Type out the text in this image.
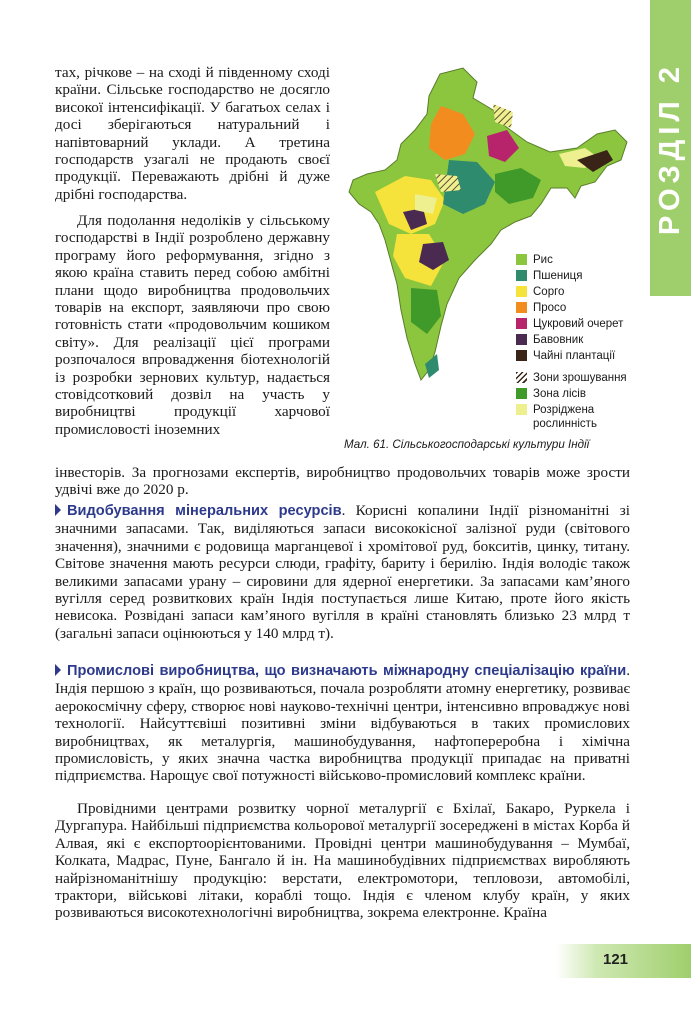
РОЗДІЛ 2
тах, річкове – на сході й південному сході країни. Сільське господарство не досягло високої інтенсифікації. У багатьох селах і досі зберігаються натуральний і напівтоварний уклади. А третина господарств узагалі не продають своєї продукції. Переважають дрібні й дуже дрібні господарства.
Для подолання недоліків у сільському господарстві в Індії розроблено державну програму його реформування, згідно з якою країна ставить перед собою амбітні плани щодо виробництва продовольчих товарів на експорт, заявляючи про свою готовність стати «продовольчим кошиком світу». Для реалізації цієї програми розпочалося впровадження біотехнологій із розробки зернових культур, надається стовідсотковий дозвіл на участь у виробництві продукції харчової промисловості іноземних
інвесторів. За прогнозами експертів, виробництво продовольчих товарів може зрости удвічі вже до 2020 р.
Рис
Пшениця
Сорго
Просо
Цукровий очерет
Бавовник
Чайні плантації
Зони зрошування
Зона лісів
Розріджена
рослинність
Мал. 61. Сільськогосподарські культури Індії
Видобування мінеральних ресурсів. Корисні копалини Індії різноманітні зі значними запасами. Так, виділяються запаси висококісної залізної руди (світового значення), значними є родовища марганцевої і хромітової руд, бокситів, цинку, титану. Світове значення мають ресурси слюди, графіту, бариту і берилію. Індія володіє також великими запасами урану – сировини для ядерної енергетики. За запасами кам’яного вугілля серед розвиткових країн Індія поступається лише Китаю, проте його якість невисока. Розвідані запаси кам’яного вугілля в країні становлять близько 23 млрд т (загальні запаси оцінюються у 140 млрд т).
Промислові виробництва, що визначають міжнародну спеціалізацію країни. Індія першою з країн, що розвиваються, почала розробляти атомну енергетику, розвиває аерокосмічну сферу, створює нові науково-технічні центри, інтенсивно впроваджує нові технології. Найсуттєвіші позитивні зміни відбуваються в таких промислових виробництвах, як металургія, машинобудування, нафтопереробна і хімічна промисловість, у яких значна частка виробництва продукції припадає на приватні підприємства. Нарощує свої потужності військово-промисловий комплекс країни.
Провідними центрами розвитку чорної металургії є Бхілаї, Бакаро, Руркела і Дургапура. Найбільші підприємства кольорової металургії зосереджені в містах Корба й Алвая, які є експортоорієнтованими. Провідні центри машинобудування – Мумбаї, Колката, Мадрас, Пуне, Бангало й ін. На машинобудівних підприємствах виробляють найрізноманітнішу продукцію: верстати, електромотори, тепловози, автомобілі, трактори, військові літаки, кораблі тощо. Індія є членом клубу країн, у яких розвиваються високотехнологічні виробництва, зокрема електронне. Країна
121
